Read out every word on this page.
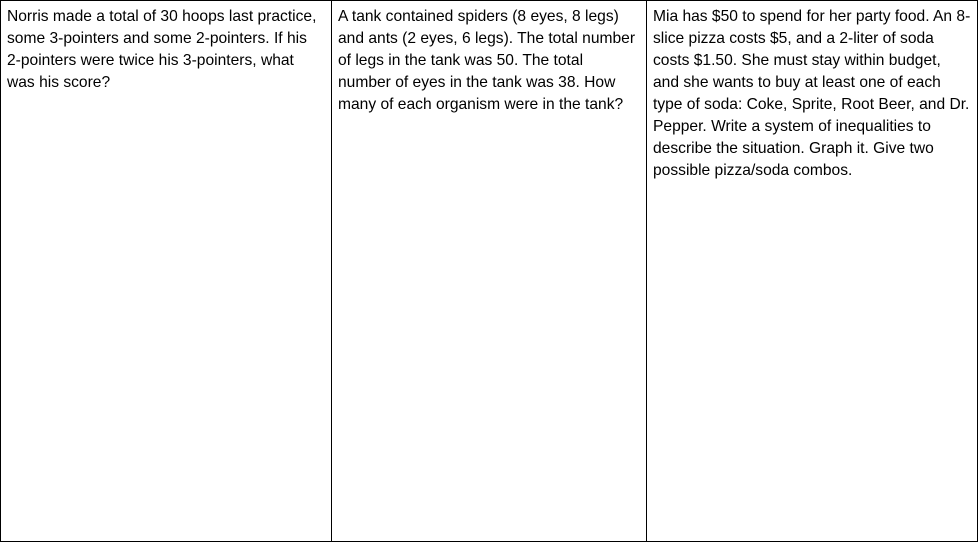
Norris made a total of 30 hoops last practice, some 3-pointers and some 2-pointers. If his 2-pointers were twice his 3-pointers, what was his score?	A tank contained spiders (8 eyes, 8 legs) and ants (2 eyes, 6 legs). The total number of legs in the tank was 50. The total number of eyes in the tank was 38. How many of each organism were in the tank?	Mia has $50 to spend for her party food. An 8-slice pizza costs $5, and a 2-liter of soda costs $1.50. She must stay within budget, and she wants to buy at least one of each type of soda: Coke, Sprite, Root Beer, and Dr. Pepper. Write a system of inequalities to describe the situation. Graph it. Give two possible pizza/soda combos.
